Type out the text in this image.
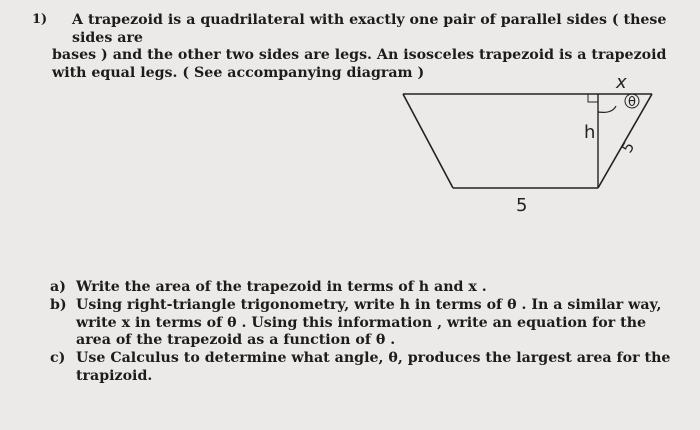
1)	A trapezoid is a quadrilateral with exactly one pair of parallel sides ( these sides are
bases ) and the other two sides are legs. An isosceles trapezoid is a trapezoid with equal legs. ( See accompanying diagram )	x
θ
h
5
5
a) Write the area of the trapezoid in terms of h and x .
b) Using right-triangle trigonometry, write h in terms of θ . In a similar way, write x in terms of θ . Using this information , write an equation for the area of the trapezoid as a function of θ .
c) Use Calculus to determine what angle, θ, produces the largest area for the trapizoid.
